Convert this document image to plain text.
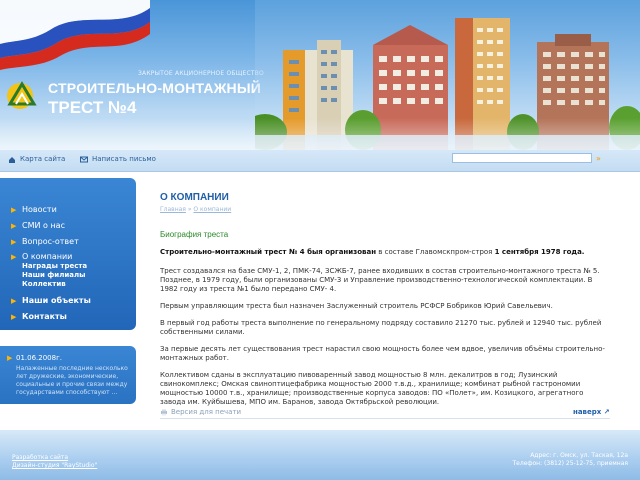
ЗАКРЫТОЕ АКЦИОНЕРНОЕ ОБЩЕСТВО
СТРОИТЕЛЬНО-МОНТАЖНЫЙ
ТРЕСТ №4
Карта сайта	Написать письмо	»
▶ Новости
▶ СМИ о нас
▶ Вопрос-ответ
▶ О компании
Награды треста
Наши филиалы
Коллектив
▶ Наши объекты
▶ Контакты
▶ 01.06.2008г.
Налаженные последние несколько лет дружеские, экономические, социальные и прочие связи между государствами способствуют ...
О КОМПАНИИ
Главная » О компании
Биография треста
Строительно-монтажный трест № 4 быя организован в составе Главомскпром-строя 1 сентября 1978 года.
Трест создавался на базе СМУ-1, 2, ПМК-74, ЗСЖБ-7, ранее входивших в состав строительно-монтажного треста № 5. Позднее, в 1979 году, были организованы СМУ-3 и Управление производственно-технологической комплектации. В 1982 году из треста №1 было передано СМУ- 4.
Первым управляющим треста был назначен Заслуженный строитель РСФСР Бобриков Юрий Савельевич.
В первый год работы треста выполнение по генеральному подряду составило 21270 тыс. рублей и 12940 тыс. рублей собственными силами.
За первые десять лет существования трест нарастил свою мощность более чем вдвое, увеличив объёмы строительно-монтажных работ.
Коллективом сданы в эксплуатацию пивоваренный завод мощностью 8 млн. декалитров в год; Лузинский свинокомплекс; Омская свиноптицефабрика мощностью 2000 т.в.д., хранилище; комбинат рыбной гастрономии мощностью 10000 т.в., хранилище; производственные корпуса заводов: ПО «Полет», им. Козицкого, агрегатного завода им. Куйбышева, МПО им. Баранов, завода Октябрьской революции.
Версия для печати	наверх ↗
Разработка сайта
Дизайн-студия "RayStudio"
Адрес: г. Омск, ул. Таская, 12а
Телефон: (3812) 25-12-75, приемная
